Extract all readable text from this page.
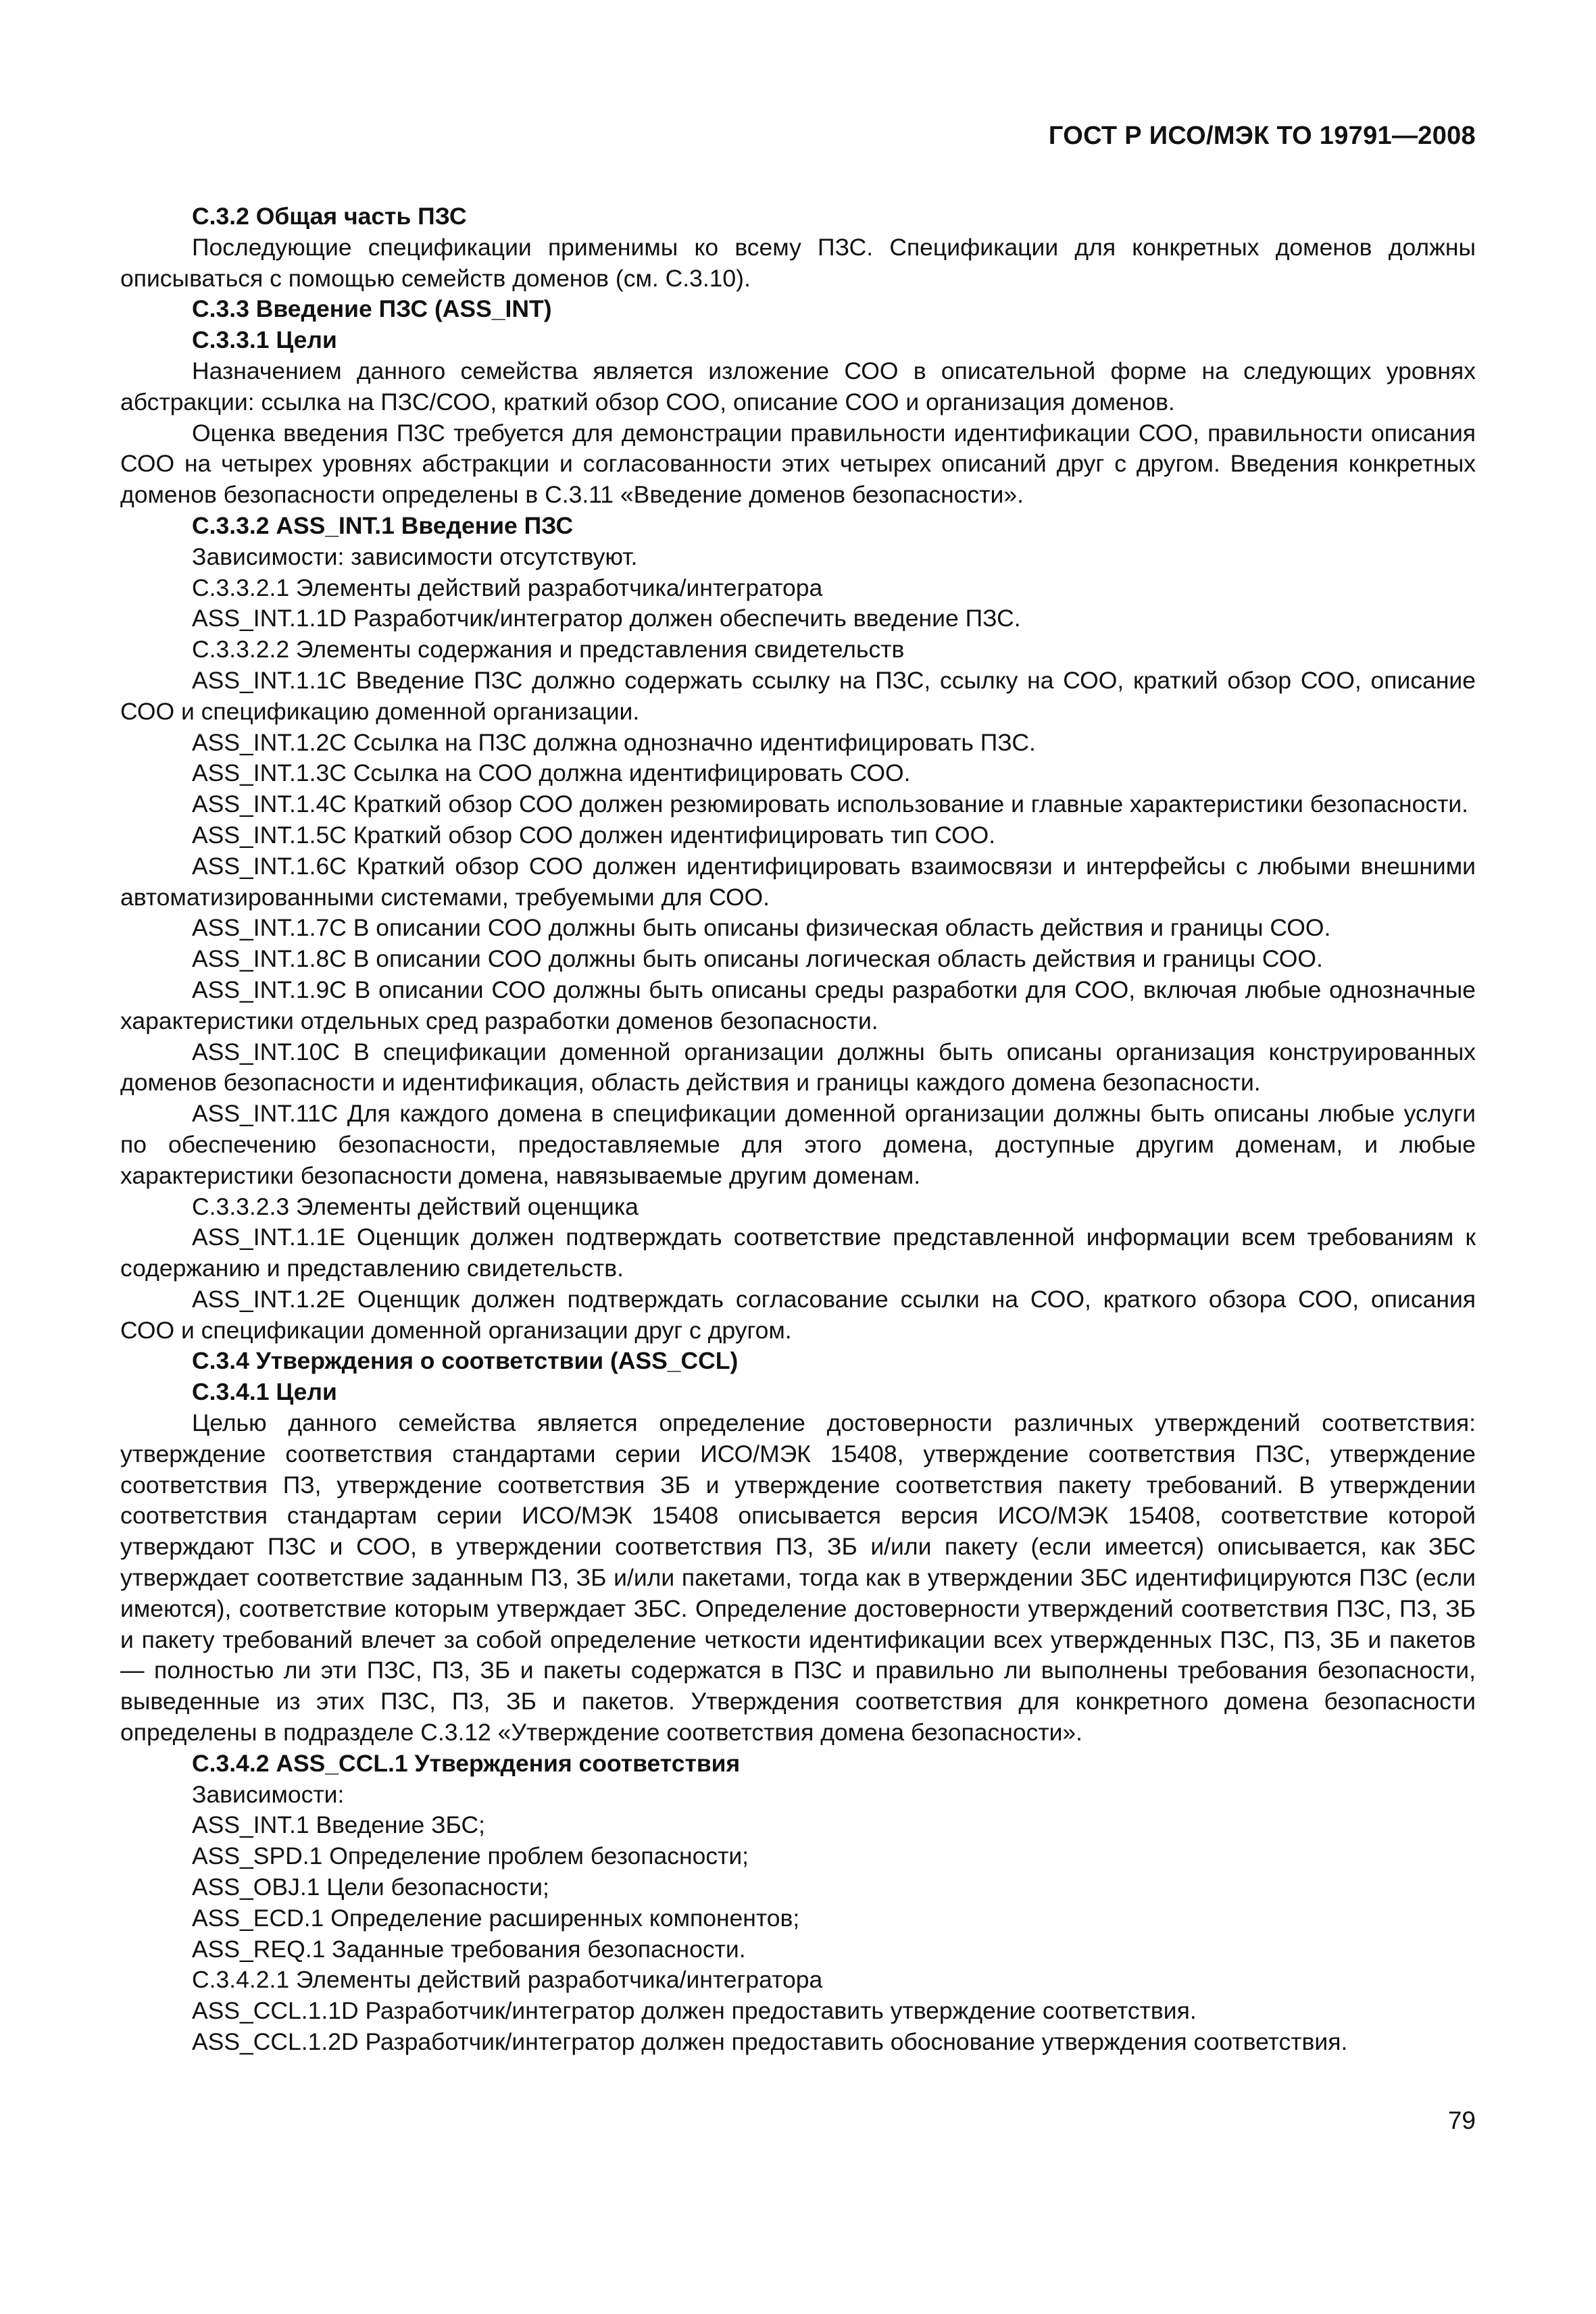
ГОСТ Р ИСО/МЭК ТО 19791—2008

C.3.2 Общая часть ПЗС

Последующие спецификации применимы ко всему ПЗС. Спецификации для конкретных доменов должны описываться с помощью семейств доменов (см. С.3.10).

С.3.3 Введение ПЗС (ASS_INT)

С.3.3.1 Цели

Назначением данного семейства является изложение СОО в описательной форме на следующих уровнях абстракции: ссылка на ПЗС/СОО, краткий обзор СОО, описание СОО и организация доменов.

Оценка введения ПЗС требуется для демонстрации правильности идентификации СОО, правильности описания СОО на четырех уровнях абстракции и согласованности этих четырех описаний друг с другом. Введения конкретных доменов безопасности определены в С.3.11 «Введение доменов безопасности».

С.3.3.2 ASS_INT.1 Введение ПЗС

Зависимости: зависимости отсутствуют.

С.3.3.2.1 Элементы действий разработчика/интегратора

ASS_INT.1.1D Разработчик/интегратор должен обеспечить введение ПЗС.

С.3.3.2.2 Элементы содержания и представления свидетельств

ASS_INT.1.1С Введение ПЗС должно содержать ссылку на ПЗС, ссылку на СОО, краткий обзор СОО, описание СОО и спецификацию доменной организации.

ASS_INT.1.2С Ссылка на ПЗС должна однозначно идентифицировать ПЗС.

ASS_INT.1.3С Ссылка на СОО должна идентифицировать СОО.

ASS_INT.1.4С Краткий обзор СОО должен резюмировать использование и главные характеристики безопасности.

ASS_INT.1.5С Краткий обзор СОО должен идентифицировать тип СОО.

ASS_INT.1.6С Краткий обзор СОО должен идентифицировать взаимосвязи и интерфейсы с любыми внешними автоматизированными системами, требуемыми для СОО.

ASS_INT.1.7С В описании СОО должны быть описаны физическая область действия и границы СОО.

ASS_INT.1.8С В описании СОО должны быть описаны логическая область действия и границы СОО.

ASS_INT.1.9С В описании СОО должны быть описаны среды разработки для СОО, включая любые однозначные характеристики отдельных сред разработки доменов безопасности.

ASS_INT.10С В спецификации доменной организации должны быть описаны организация конструированных доменов безопасности и идентификация, область действия и границы каждого домена безопасности.

ASS_INT.11С Для каждого домена в спецификации доменной организации должны быть описаны любые услуги по обеспечению безопасности, предоставляемые для этого домена, доступные другим доменам, и любые характеристики безопасности домена, навязываемые другим доменам.

С.3.3.2.3 Элементы действий оценщика

ASS_INT.1.1Е Оценщик должен подтверждать соответствие представленной информации всем требованиям к содержанию и представлению свидетельств.

ASS_INT.1.2Е Оценщик должен подтверждать согласование ссылки на СОО, краткого обзора СОО, описания СОО и спецификации доменной организации друг с другом.

С.3.4 Утверждения о соответствии (ASS_CCL)

С.3.4.1 Цели

Целью данного семейства является определение достоверности различных утверждений соответствия: утверждение соответствия стандартами серии ИСО/МЭК 15408, утверждение соответствия ПЗС, утверждение соответствия ПЗ, утверждение соответствия ЗБ и утверждение соответствия пакету требований. В утверждении соответствия стандартам серии ИСО/МЭК 15408 описывается версия ИСО/МЭК 15408, соответствие которой утверждают ПЗС и СОО, в утверждении соответствия ПЗ, ЗБ и/или пакету (если имеется) описывается, как ЗБС утверждает соответствие заданным ПЗ, ЗБ и/или пакетами, тогда как в утверждении ЗБС идентифицируются ПЗС (если имеются), соответствие которым утверждает ЗБС. Определение достоверности утверждений соответствия ПЗС, ПЗ, ЗБ и пакету требований влечет за собой определение четкости идентификации всех утвержденных ПЗС, ПЗ, ЗБ и пакетов — полностью ли эти ПЗС, ПЗ, ЗБ и пакеты содержатся в ПЗС и правильно ли выполнены требования безопасности, выведенные из этих ПЗС, ПЗ, ЗБ и пакетов. Утверждения соответствия для конкретного домена безопасности определены в подразделе С.3.12 «Утверждение соответствия домена безопасности».

С.3.4.2 ASS_CCL.1 Утверждения соответствия

Зависимости:

ASS_INT.1 Введение ЗБС;

ASS_SPD.1 Определение проблем безопасности;

ASS_OBJ.1 Цели безопасности;

ASS_ECD.1 Определение расширенных компонентов;

ASS_REQ.1 Заданные требования безопасности.

С.3.4.2.1 Элементы действий разработчика/интегратора

ASS_CCL.1.1D Разработчик/интегратор должен предоставить утверждение соответствия.

ASS_CCL.1.2D Разработчик/интегратор должен предоставить обоснование утверждения соответствия.

79
